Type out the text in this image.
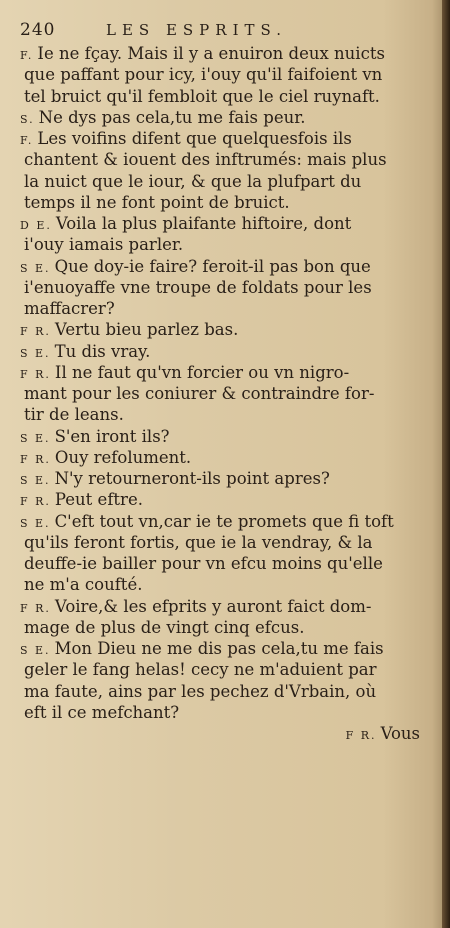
240	LES ESPRITS.
F. Ie ne fçay. Mais il y a enuiron deux nuicts
que paffant pour icy, i'ouy qu'il faifoient vn
tel bruict qu'il fembloit que le ciel ruynaft.
S. Ne dys pas cela,tu me fais peur.
F. Les voifins difent que quelquesfois ils
chantent & iouent des inftrumés: mais plus
la nuict que le iour, & que la plufpart du
temps il ne font point de bruict.
D E. Voila la plus plaifante hiftoire, dont
i'ouy iamais parler.
S E. Que doy-ie faire? feroit-il pas bon que
i'enuoyaffe vne troupe de foldats pour les
maffacrer?
F R. Vertu bieu parlez bas.
S E. Tu dis vray.
F R. Il ne faut qu'vn forcier ou vn nigro-
mant pour les coniurer & contraindre for-
tir de leans.
S E. S'en iront ils?
F R. Ouy refolument.
S E. N'y retourneront-ils point apres?
F R. Peut eftre.
S E. C'eft tout vn,car ie te promets que fi toft
qu'ils feront fortis, que ie la vendray, & la
deuffe-ie bailler pour vn efcu moins qu'elle
ne m'a coufté.
F R. Voire,& les efprits y auront faict dom-
mage de plus de vingt cinq efcus.
S E. Mon Dieu ne me dis pas cela,tu me fais
geler le fang helas! cecy ne m'aduient par
ma faute, ains par les pechez d'Vrbain, où
eft il ce mefchant?
F R. Vous
